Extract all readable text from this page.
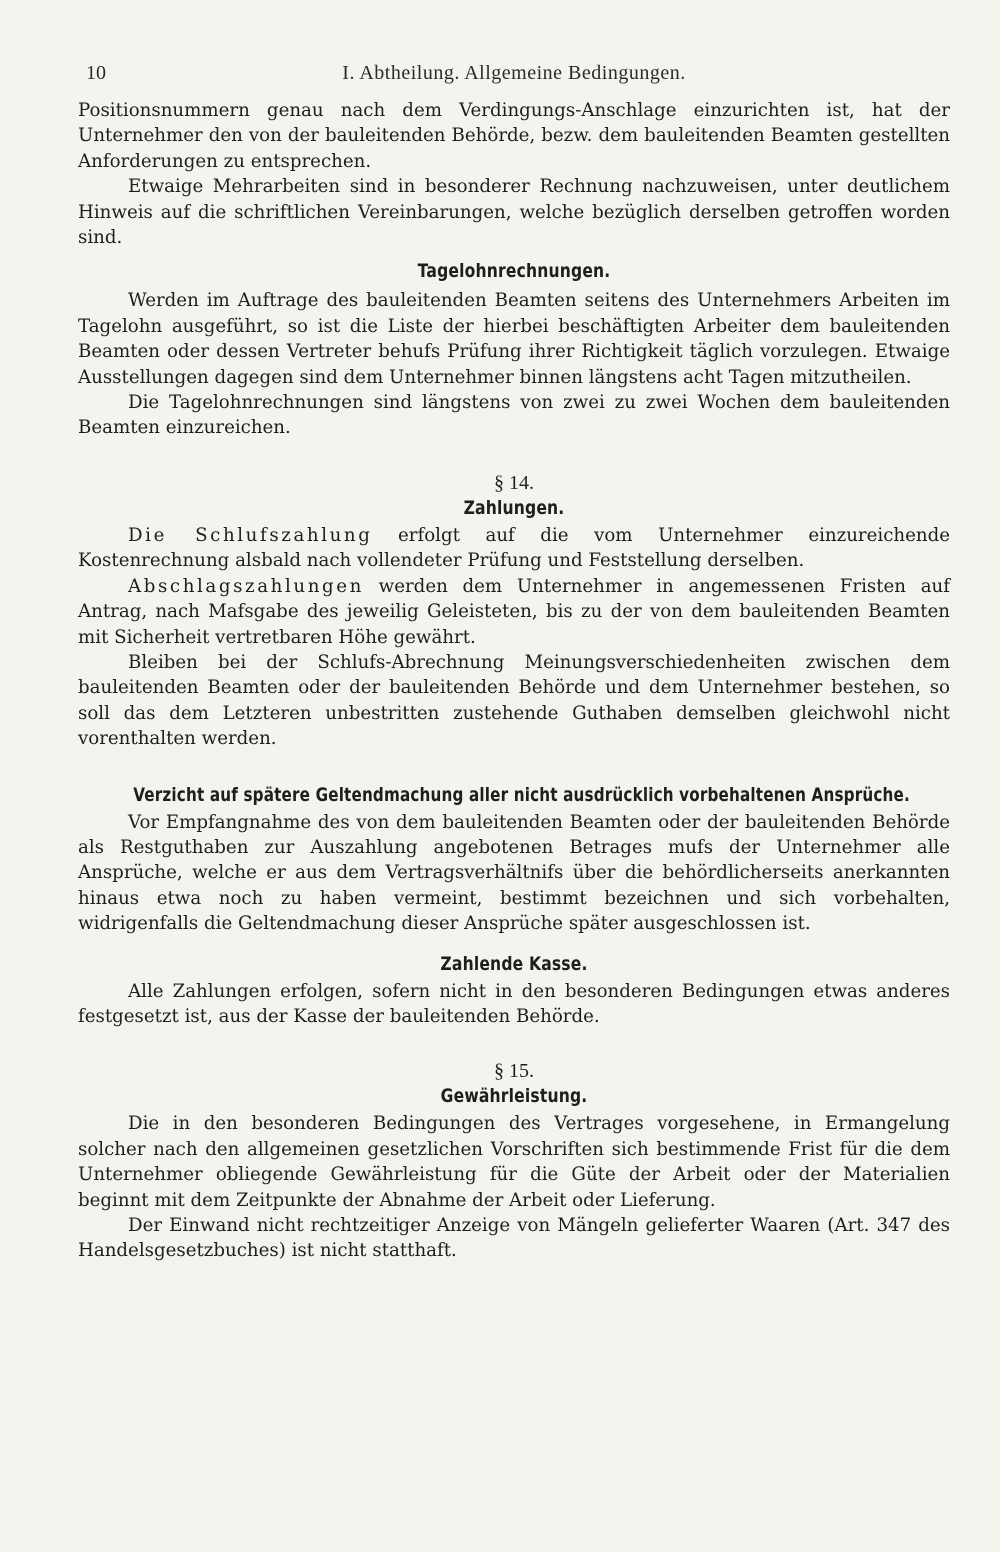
10	I. Abtheilung. Allgemeine Bedingungen.

Positionsnummern genau nach dem Verdingungs-Anschlage einzurichten ist, hat der Unternehmer den von der bauleitenden Behörde, bezw. dem bauleitenden Beamten gestellten Anforderungen zu entsprechen.

Etwaige Mehrarbeiten sind in besonderer Rechnung nachzuweisen, unter deutlichem Hinweis auf die schriftlichen Vereinbarungen, welche bezüglich derselben getroffen worden sind.

Tagelohnrechnungen.

Werden im Auftrage des bauleitenden Beamten seitens des Unternehmers Arbeiten im Tagelohn ausgeführt, so ist die Liste der hierbei beschäftigten Arbeiter dem bauleitenden Beamten oder dessen Vertreter behufs Prüfung ihrer Richtigkeit täglich vorzulegen. Etwaige Ausstellungen dagegen sind dem Unternehmer binnen längstens acht Tagen mitzutheilen.

Die Tagelohnrechnungen sind längstens von zwei zu zwei Wochen dem bauleitenden Beamten einzureichen.

§ 14.
Zahlungen.

Die Schlufszahlung erfolgt auf die vom Unternehmer einzureichende Kostenrechnung alsbald nach vollendeter Prüfung und Feststellung derselben.

Abschlagszahlungen werden dem Unternehmer in angemessenen Fristen auf Antrag, nach Mafsgabe des jeweilig Geleisteten, bis zu der von dem bauleitenden Beamten mit Sicherheit vertretbaren Höhe gewährt.

Bleiben bei der Schlufs-Abrechnung Meinungsverschiedenheiten zwischen dem bauleitenden Beamten oder der bauleitenden Behörde und dem Unternehmer bestehen, so soll das dem Letzteren unbestritten zustehende Guthaben demselben gleichwohl nicht vorenthalten werden.

Verzicht auf spätere Geltendmachung aller nicht ausdrücklich vorbehaltenen Ansprüche.

Vor Empfangnahme des von dem bauleitenden Beamten oder der bauleitenden Behörde als Restguthaben zur Auszahlung angebotenen Betrages mufs der Unternehmer alle Ansprüche, welche er aus dem Vertragsverhältnifs über die behördlicherseits anerkannten hinaus etwa noch zu haben vermeint, bestimmt bezeichnen und sich vorbehalten, widrigenfalls die Geltendmachung dieser Ansprüche später ausgeschlossen ist.

Zahlende Kasse.

Alle Zahlungen erfolgen, sofern nicht in den besonderen Bedingungen etwas anderes festgesetzt ist, aus der Kasse der bauleitenden Behörde.

§ 15.
Gewährleistung.

Die in den besonderen Bedingungen des Vertrages vorgesehene, in Ermangelung solcher nach den allgemeinen gesetzlichen Vorschriften sich bestimmende Frist für die dem Unternehmer obliegende Gewährleistung für die Güte der Arbeit oder der Materialien beginnt mit dem Zeitpunkte der Abnahme der Arbeit oder Lieferung.

Der Einwand nicht rechtzeitiger Anzeige von Mängeln gelieferter Waaren (Art. 347 des Handelsgesetzbuches) ist nicht statthaft.
